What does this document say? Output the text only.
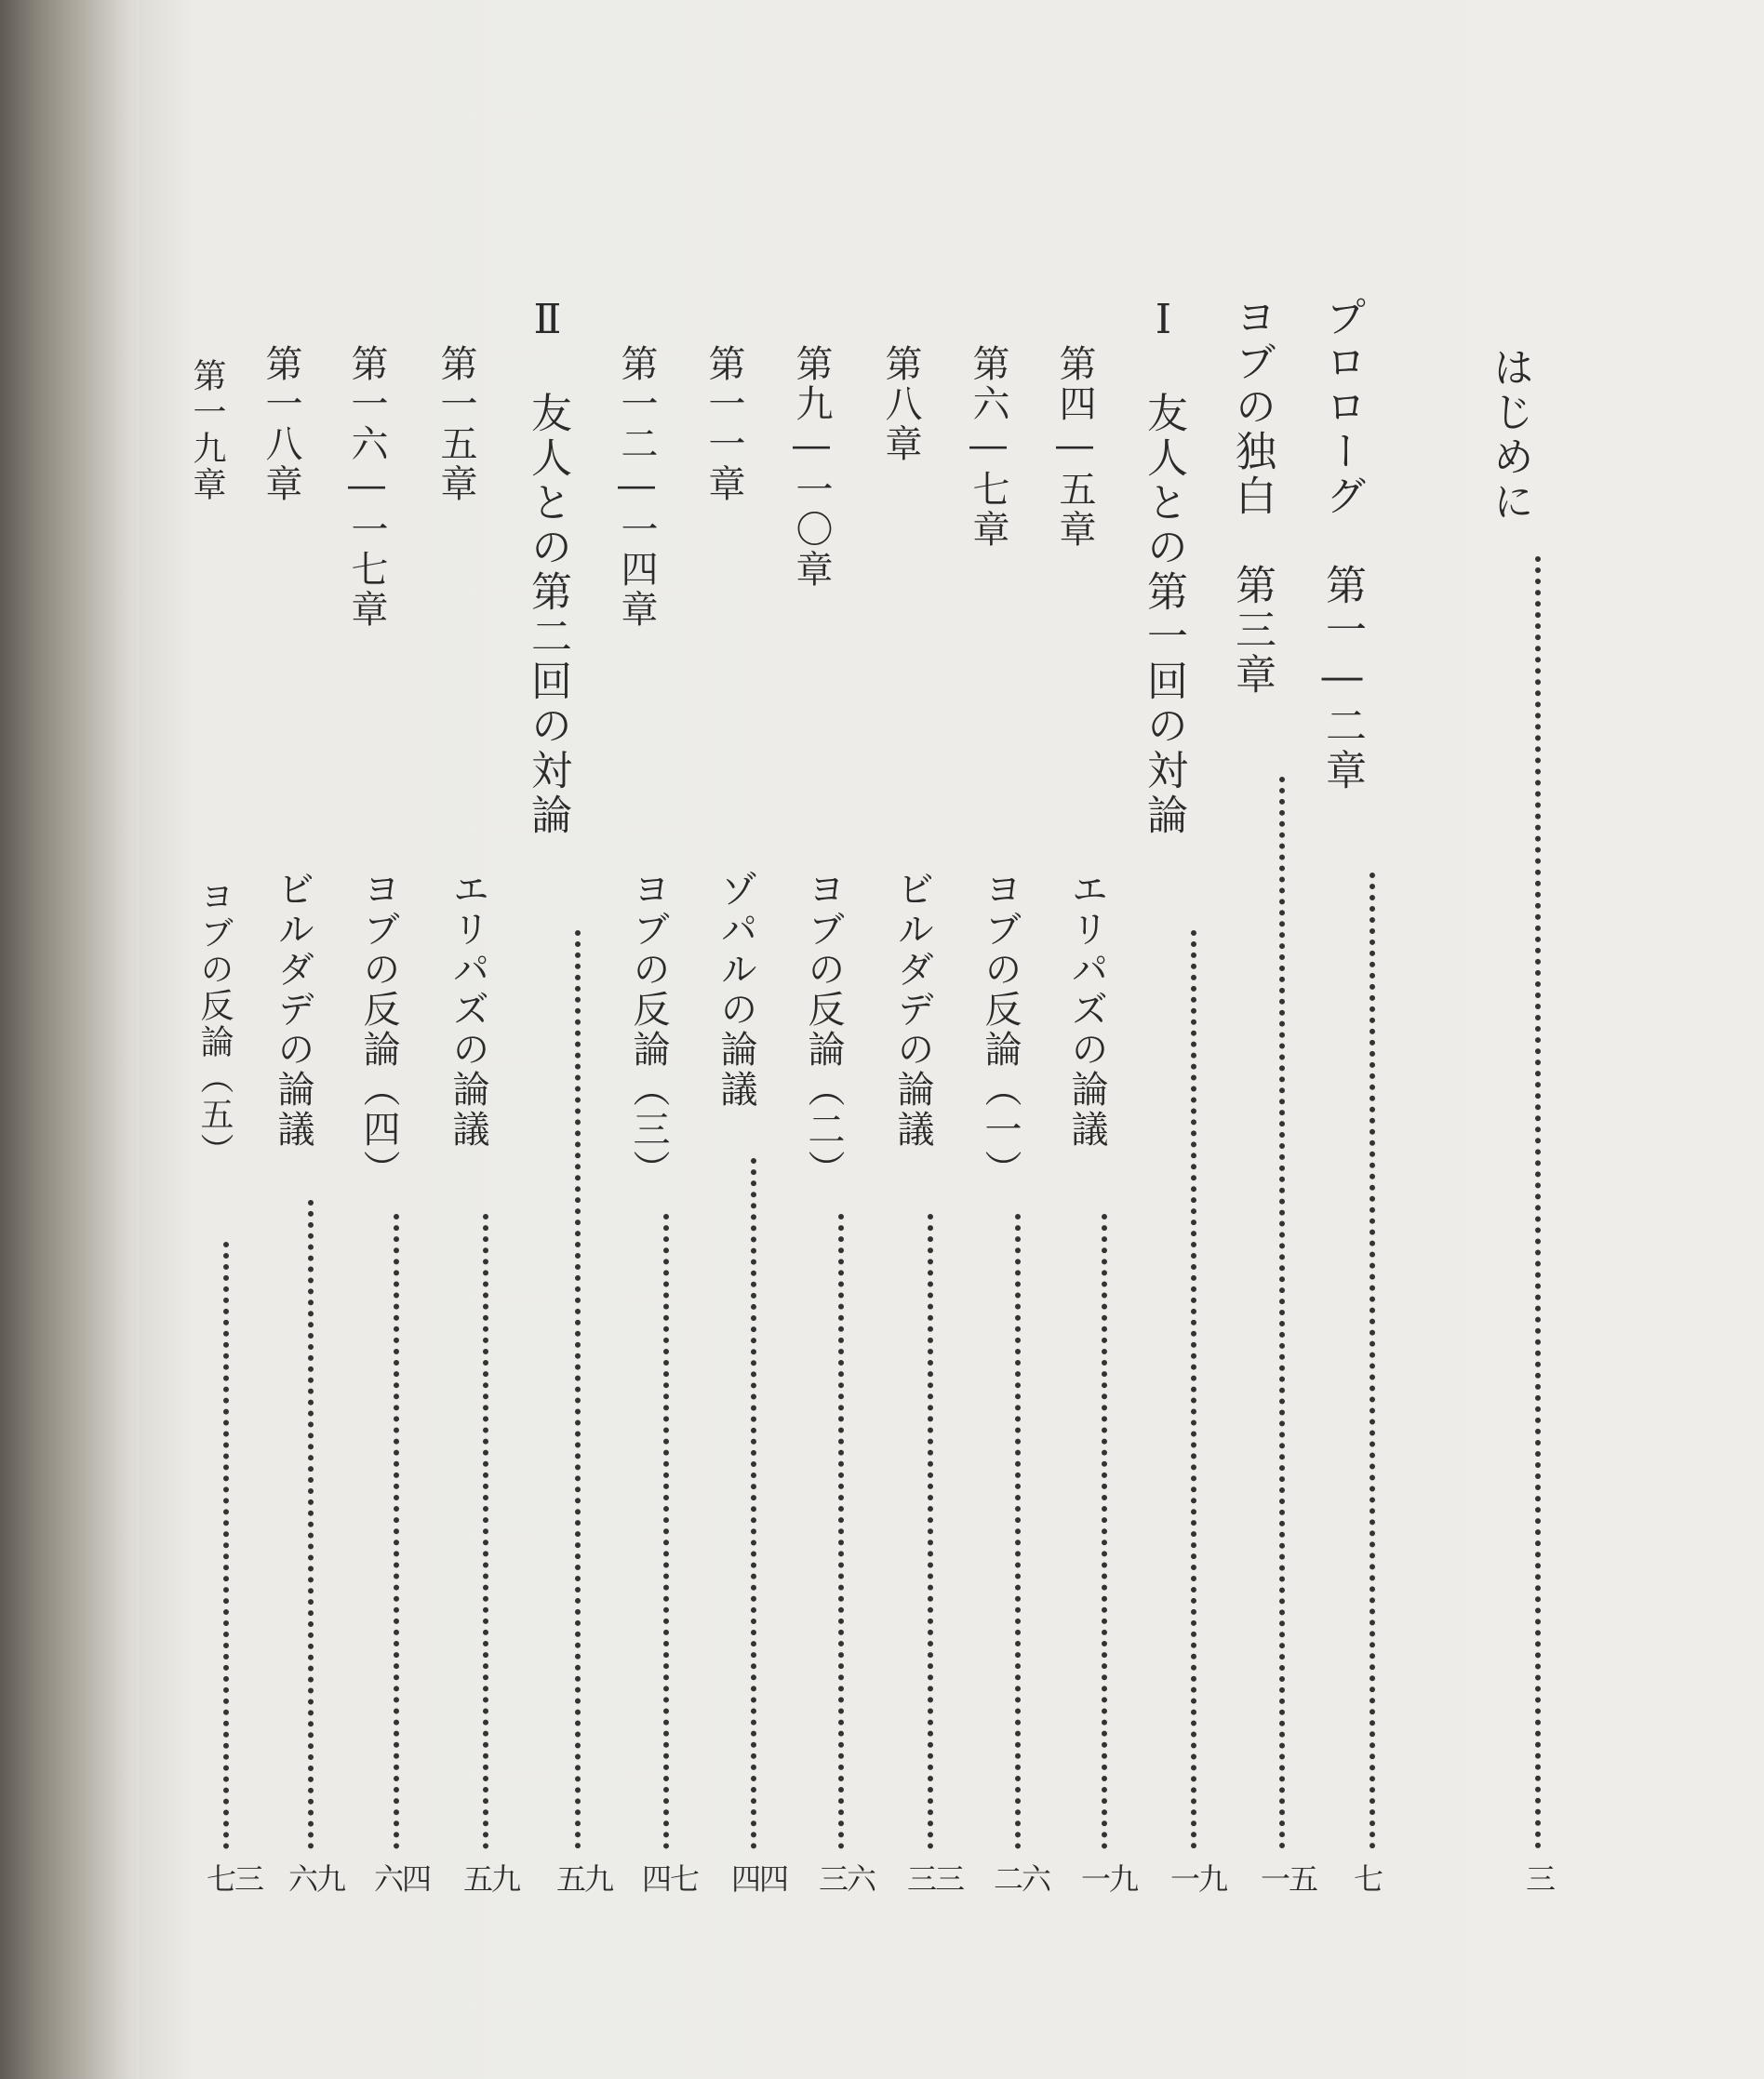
はじめに
三
プロローグ　第一―二章
七
ヨブの独白　第三章
一五
Ⅰ　友人との第一回の対論
一九
第四―五章
エリパズの論議
一九
第六―七章
ヨブの反論（一）
二六
第八章
ビルダデの論議
三三
第九―一〇章
ヨブの反論（二）
三六
第一一章
ゾパルの論議
四四
第一二―一四章
ヨブの反論（三）
四七
Ⅱ　友人との第二回の対論
五九
第一五章
エリパズの論議
五九
第一六―一七章
ヨブの反論（四）
六四
第一八章
ビルダデの論議
六九
第一九章
ヨブの反論（五）
七三
